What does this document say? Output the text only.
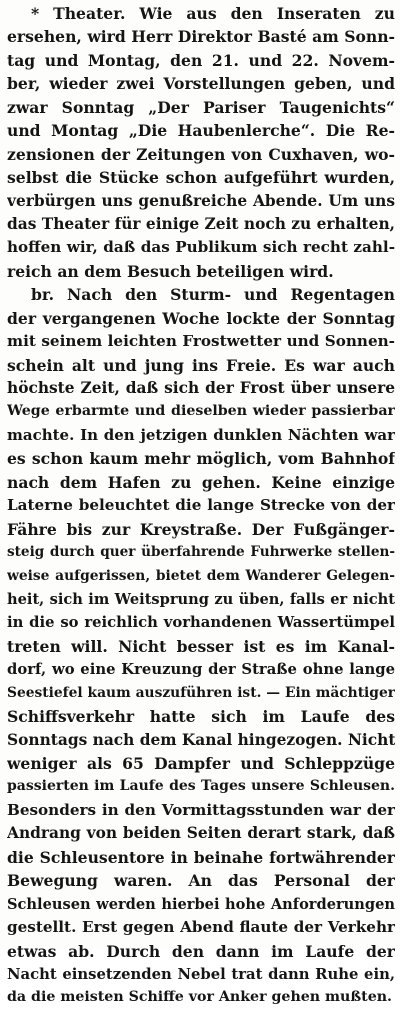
* Theater. Wie aus den Inseraten zu
ersehen, wird Herr Direktor Basté am Sonn-
tag und Montag, den 21. und 22. Novem-
ber, wieder zwei Vorstellungen geben, und
zwar Sonntag „Der Pariser Taugenichts“
und Montag „Die Haubenlerche“. Die Re-
zensionen der Zeitungen von Cuxhaven, wo-
selbst die Stücke schon aufgeführt wurden,
verbürgen uns genußreiche Abende. Um uns
das Theater für einige Zeit noch zu erhalten,
hoffen wir, daß das Publikum sich recht zahl-
reich an dem Besuch beteiligen wird.
br. Nach den Sturm- und Regentagen
der vergangenen Woche lockte der Sonntag
mit seinem leichten Frostwetter und Sonnen-
schein alt und jung ins Freie. Es war auch
höchste Zeit, daß sich der Frost über unsere
Wege erbarmte und dieselben wieder passierbar
machte. In den jetzigen dunklen Nächten war
es schon kaum mehr möglich, vom Bahnhof
nach dem Hafen zu gehen. Keine einzige
Laterne beleuchtet die lange Strecke von der
Fähre bis zur Kreystraße. Der Fußgänger-
steig durch quer überfahrende Fuhrwerke stellen-
weise aufgerissen, bietet dem Wanderer Gelegen-
heit, sich im Weitsprung zu üben, falls er nicht
in die so reichlich vorhandenen Wassertümpel
treten will. Nicht besser ist es im Kanal-
dorf, wo eine Kreuzung der Straße ohne lange
Seestiefel kaum auszuführen ist. — Ein mächtiger
Schiffsverkehr hatte sich im Laufe des
Sonntags nach dem Kanal hingezogen. Nicht
weniger als 65 Dampfer und Schleppzüge
passierten im Laufe des Tages unsere Schleusen.
Besonders in den Vormittagsstunden war der
Andrang von beiden Seiten derart stark, daß
die Schleusentore in beinahe fortwährender
Bewegung waren. An das Personal der
Schleusen werden hierbei hohe Anforderungen
gestellt. Erst gegen Abend flaute der Verkehr
etwas ab. Durch den dann im Laufe der
Nacht einsetzenden Nebel trat dann Ruhe ein,
da die meisten Schiffe vor Anker gehen mußten.
